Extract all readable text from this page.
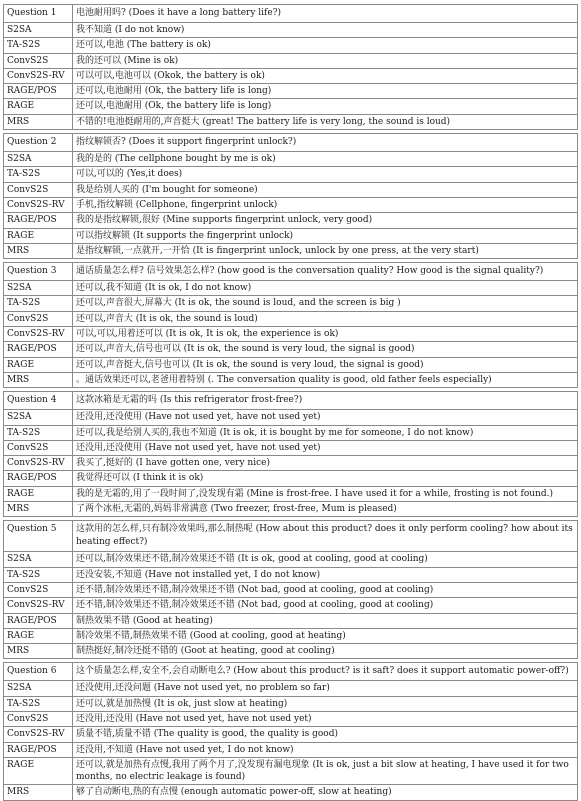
Question 1	电池耐用吗? (Does it have a long battery life?)
S2SA	我不知道 (I do not know)
TA-S2S	还可以,电池 (The battery is ok)
ConvS2S	我的还可以 (Mine is ok)
ConvS2S-RV	可以可以,电池可以 (Okok, the battery is ok)
RAGE/POS	还可以,电池耐用 (Ok, the battery life is long)
RAGE	还可以,电池耐用 (Ok, the battery life is long)
MRS	不错的!电池挺耐用的,声音挺大 (great! The battery life is very long, the sound is loud)

Question 2	指纹解锁否? (Does it support fingerprint unlock?)
S2SA	我的是的 (The cellphone bought by me is ok)
TA-S2S	可以,可以的 (Yes,it does)
ConvS2S	我是给别人买的 (I'm bought for someone)
ConvS2S-RV	手机,指纹解锁 (Cellphone, fingerprint unlock)
RAGE/POS	我的是指纹解锁,很好 (Mine supports fingerprint unlock, very good)
RAGE	可以指纹解锁 (It supports the fingerprint unlock)
MRS	是指纹解锁,一点就开,一开恰 (It is fingerprint unlock, unlock by one press, at the very start)

Question 3	通话质量怎么样? 信号效果怎么样? (how good is the conversation quality? How good is the signal quality?)
S2SA	还可以,我不知道 (It is ok, I do not know)
TA-S2S	还可以,声音很大,屏幕大 (It is ok, the sound is loud, and the screen is big )
ConvS2S	还可以,声音大 (It is ok, the sound is loud)
ConvS2S-RV	可以,可以,用着还可以 (It is ok, It is ok, the experience is ok)
RAGE/POS	还可以,声音大,信号也可以 (It is ok, the sound is very loud, the signal is good)
RAGE	还可以,声音挺大,信号也可以 (It is ok, the sound is very loud, the signal is good)
MRS	。通话效果还可以,老爸用着特别 (. The conversation quality is good, old father feels especially)

Question 4	这款冰箱是无霜的吗 (Is this refrigerator frost-free?)
S2SA	还没用,还没使用 (Have not used yet, have not used yet)
TA-S2S	还可以,我是给别人买的,我也不知道 (It is ok, it is bought by me for someone, I do not know)
ConvS2S	还没用,还没使用 (Have not used yet, have not used yet)
ConvS2S-RV	我买了,挺好的 (I have gotten one, very nice)
RAGE/POS	我觉得还可以 (I think it is ok)
RAGE	我的是无霜的,用了一段时间了,没发现有霜 (Mine is frost-free. I have used it for a while, frosting is not found.)
MRS	了两个冰柜,无霜的,妈妈非常满意 (Two freezer, frost-free, Mum is pleased)

Question 5	这款用的怎么样,只有制冷效果吗,那么制热呢 (How about this product? does it only perform cooling? how about its heating effect?)
S2SA	还可以,制冷效果还不错,制冷效果还不错 (It is ok, good at cooling, good at cooling)
TA-S2S	还没安装,不知道 (Have not installed yet, I do not know)
ConvS2S	还不错,制冷效果还不错,制冷效果还不错 (Not bad, good at cooling, good at cooling)
ConvS2S-RV	还不错,制冷效果还不错,制冷效果还不错 (Not bad, good at cooling, good at cooling)
RAGE/POS	制热效果不错 (Good at heating)
RAGE	制冷效果不错,制热效果不错 (Good at cooling, good at heating)
MRS	制热挺好,制冷还挺不错的 (Goot at heating, good at cooling)

Question 6	这个质量怎么样,安全不,会自动断电么? (How about this product? is it saft? does it support automatic power-off?)
S2SA	还没使用,还没问题 (Have not used yet, no problem so far)
TA-S2S	还可以,就是加热慢 (It is ok, just slow at heating)
ConvS2S	还没用,还没用 (Have not used yet, have not used yet)
ConvS2S-RV	质量不错,质量不错 (The quality is good, the quality is good)
RAGE/POS	还没用,不知道 (Have not used yet, I do not know)
RAGE	还可以,就是加热有点慢,我用了两个月了,没发现有漏电现象 (It is ok, just a bit slow at heating, I have used it for two months, no electric leakage is found)
MRS	够了自动断电,热的有点慢 (enough automatic power-off, slow at heating)
